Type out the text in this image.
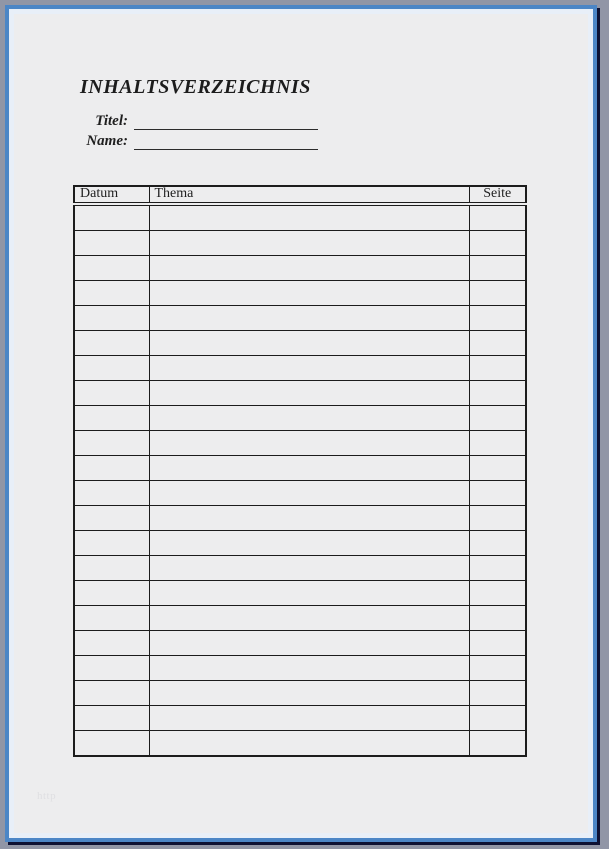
INHALTSVERZEICHNIS
Titel:
Name:
Datum	Thema	Seite

http
